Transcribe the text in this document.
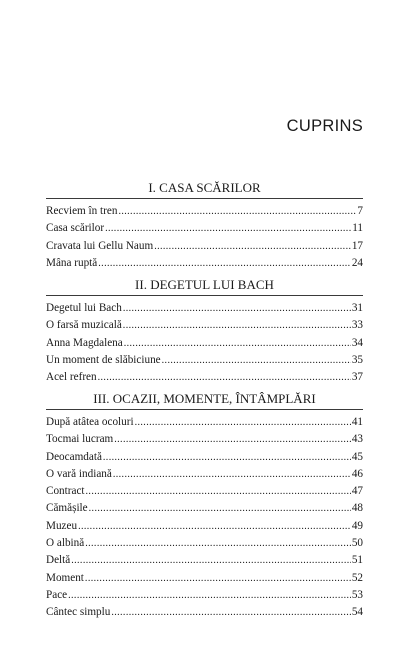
CUPRINS
I. CASA SCĂRILOR
Recviem în tren .....	7
Casa scărilor .....	11
Cravata lui Gellu Naum .....	17
Mâna ruptă .....	24
II. DEGETUL LUI BACH
Degetul lui Bach .....	31
O farsă muzicală .....	33
Anna Magdalena .....	34
Un moment de slăbiciune .....	35
Acel refren .....	37
III. OCAZII, MOMENTE, ÎNTÂMPLĂRI
După atâtea ocoluri .....	41
Tocmai lucram .....	43
Deocamdată .....	45
O vară indiană .....	46
Contract .....	47
Cămășile .....	48
Muzeu .....	49
O albină .....	50
Deltă .....	51
Moment .....	52
Pace .....	53
Cântec simplu .....	54
